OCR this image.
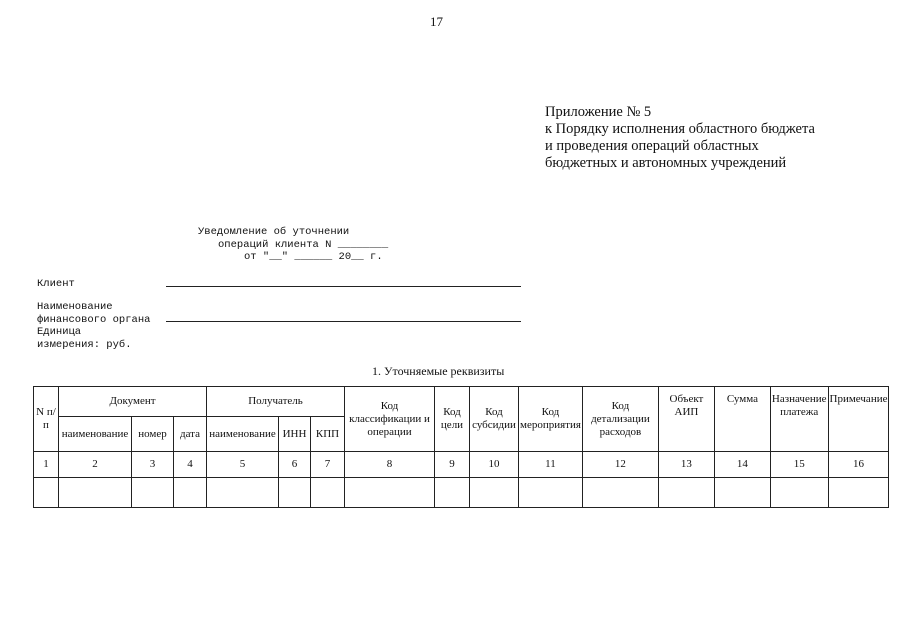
17
Приложение № 5
к Порядку исполнения областного бюджета
и проведения операций областных
бюджетных и автономных учреждений
Уведомление об уточнении
операций клиента N ________
от "__" ______ 20__ г.
Клиент
Наименование
финансового органа
Единица
измерения: руб.
1. Уточняемые реквизиты
N п/п	Документ			Получатель			Код классификации и операции	Код цели	Код субсидии	Код мероприятия	Код детализации расходов	Объект АИП	Сумма	Назначение платежа	Примечание
	наименование	номер	дата	наименование	ИНН	КПП									
1	2	3	4	5	6	7	8	9	10	11	12	13	14	15	16
